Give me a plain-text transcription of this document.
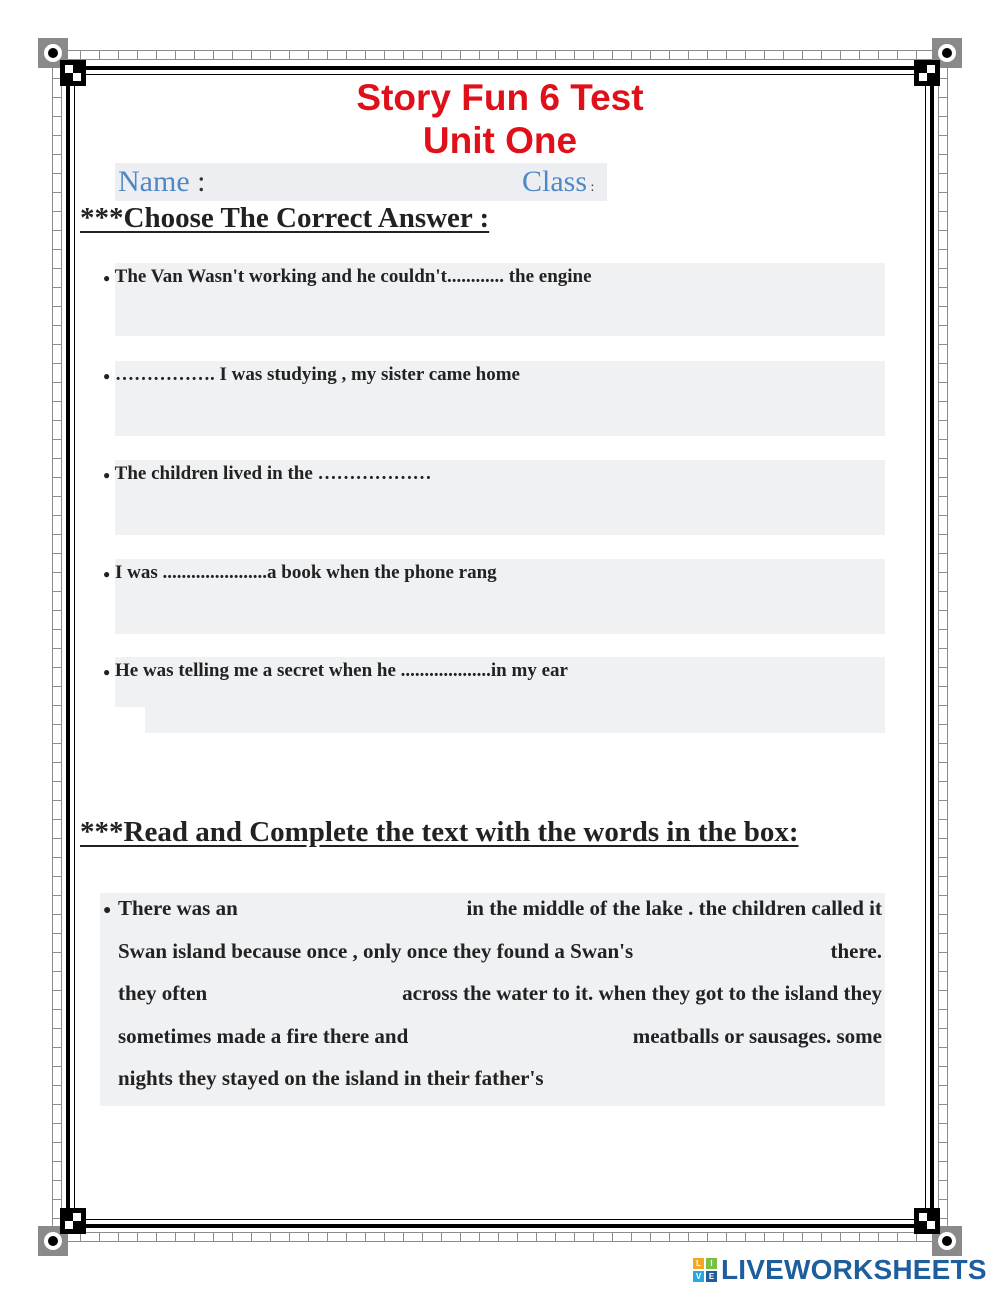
Story Fun 6 Test
Unit One
Name :	Class :
***Choose The Correct Answer :
● The Van Wasn't working and he couldn't............ the engine
● ……………. I was studying , my sister came home
● The children lived in the ………………
● I was ......................a book when the phone rang
● He was telling me a secret when he ...................in my ear
***Read and Complete the text with the words in the box:
● There was an	in the middle of the lake . the children called it
Swan island because once , only once they found a Swan's	there.
they often	across the water to it. when they got to the island they
sometimes made a fire there and	meatballs or sausages. some
nights they stayed on the island in their father's
L	I
V E LIVEWORKSHEETS
